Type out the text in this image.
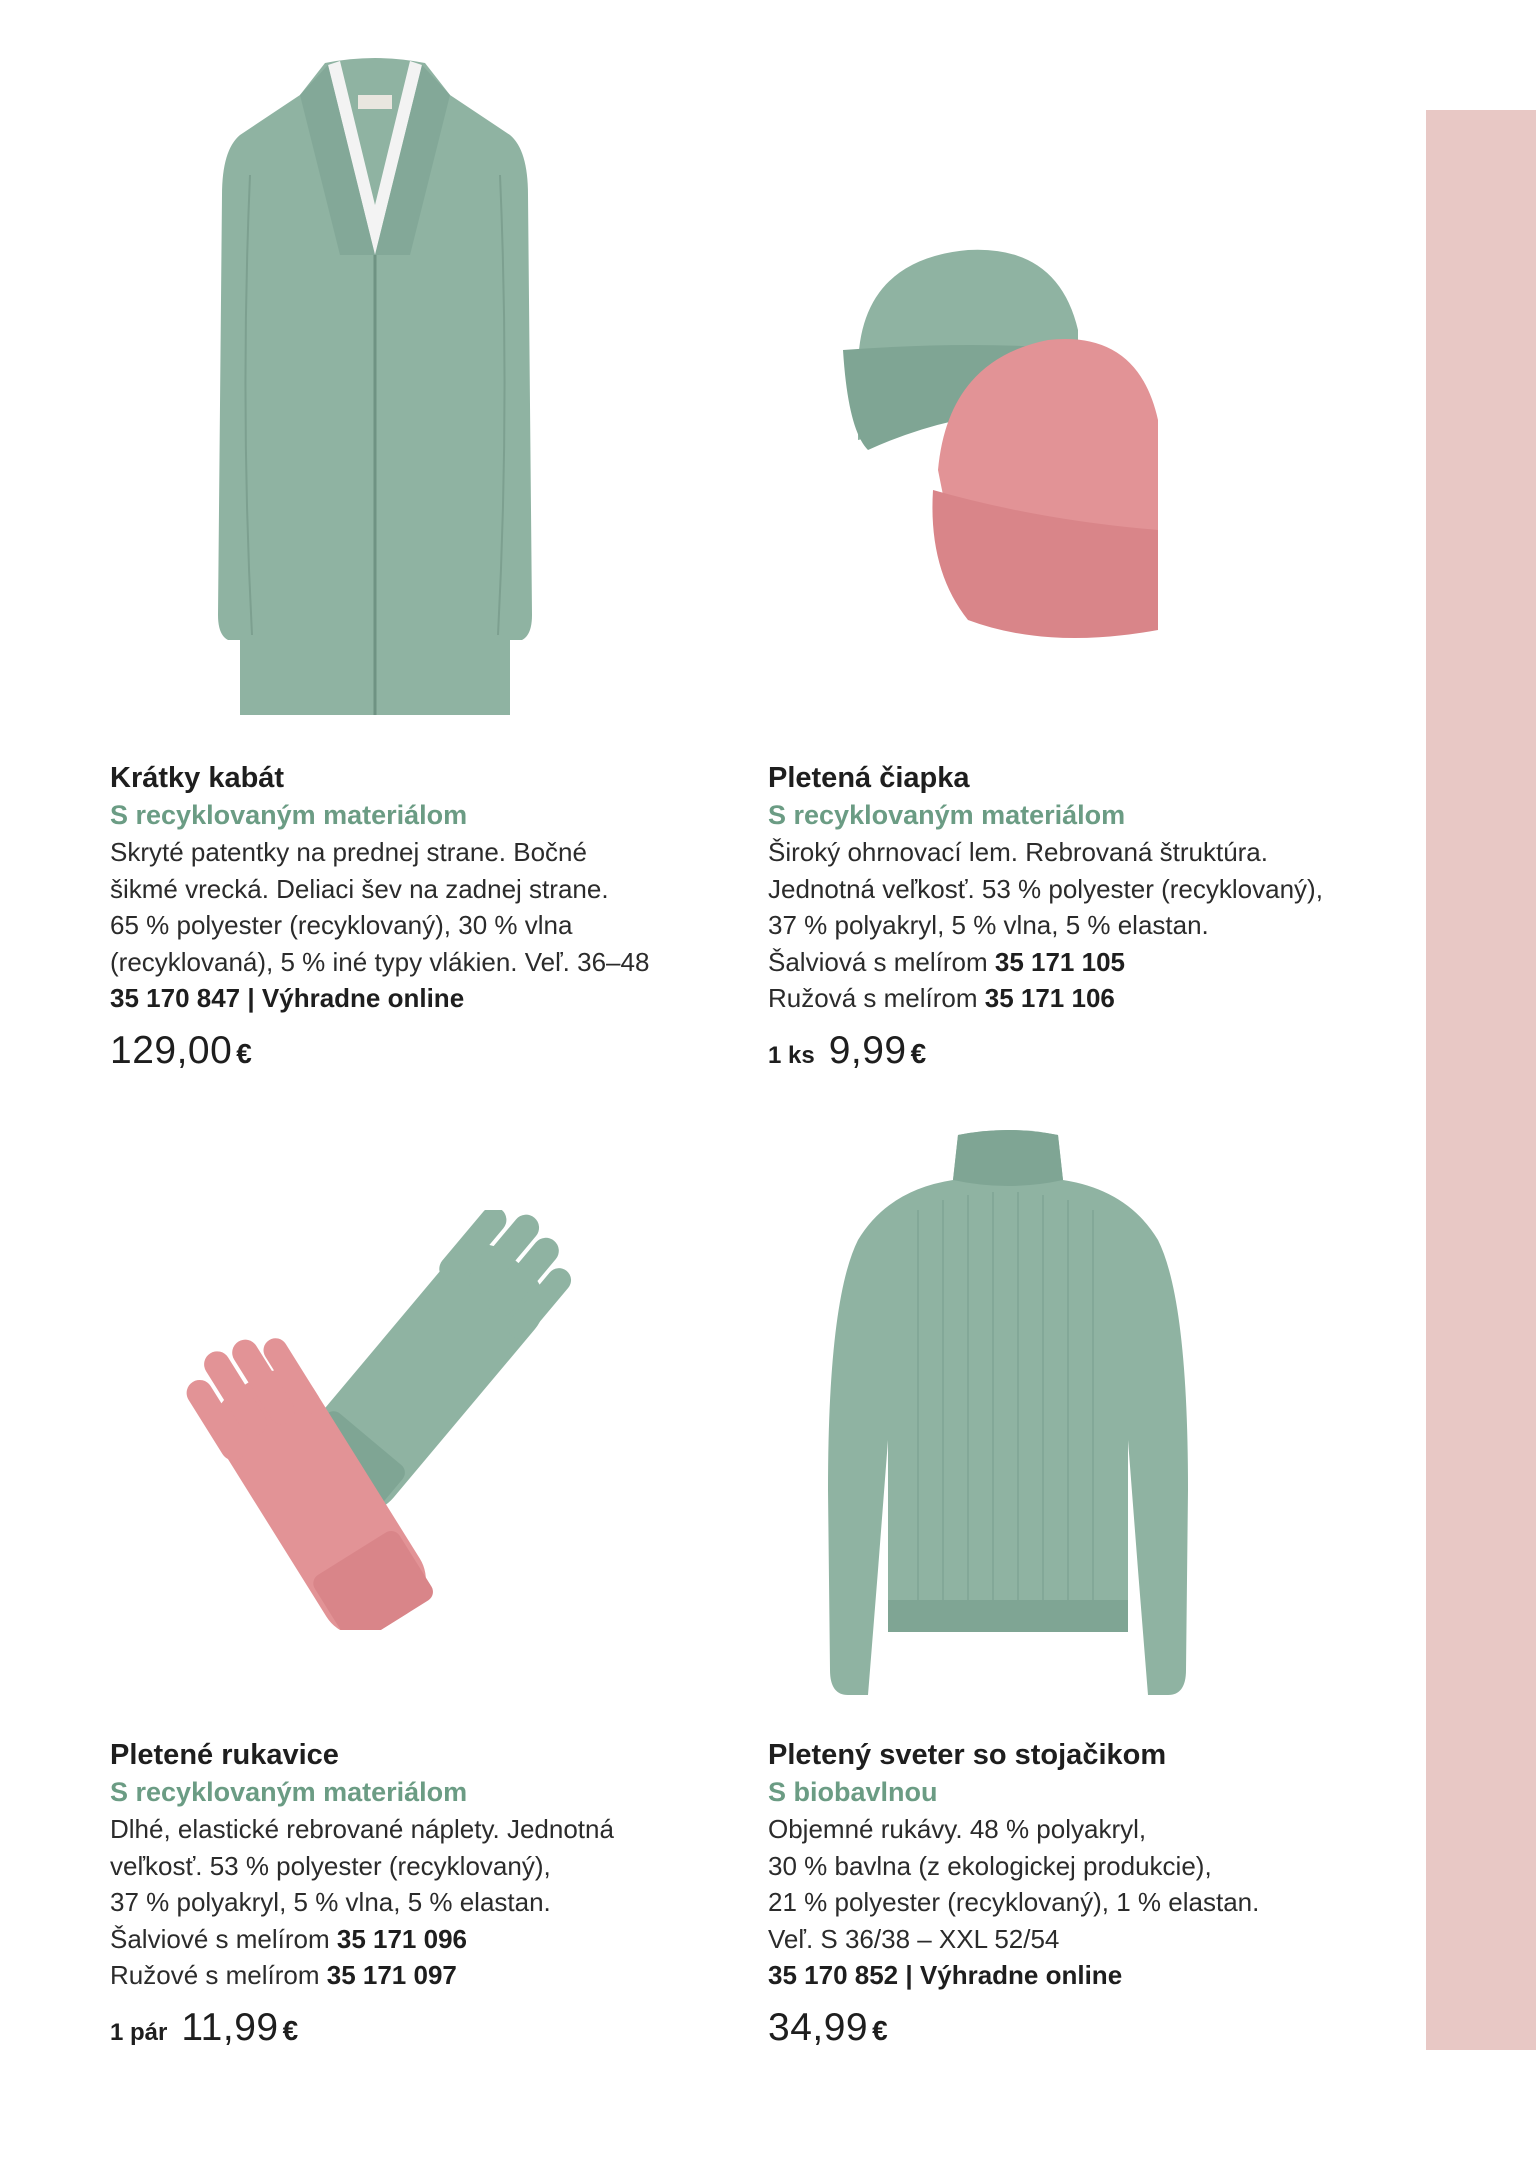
Krátky kabát
S recyklovaným materiálom
Skryté patentky na prednej strane. Bočné
šikmé vrecká. Deliaci šev na zadnej strane.
65 % polyester (recyklovaný), 30 % vlna
(recyklovaná), 5 % iné typy vlákien. Veľ. 36–48
35 170 847 | Výhradne online
129,00 €
Pletená čiapka
S recyklovaným materiálom
Široký ohrnovací lem. Rebrovaná štruktúra.
Jednotná veľkosť. 53 % polyester (recyklovaný),
37 % polyakryl, 5 % vlna, 5 % elastan.
Šalviová s melírom 35 171 105
Ružová s melírom 35 171 106
1 ks 9,99 €
Pletené rukavice
S recyklovaným materiálom
Dlhé, elastické rebrované náplety. Jednotná
veľkosť. 53 % polyester (recyklovaný),
37 % polyakryl, 5 % vlna, 5 % elastan.
Šalviové s melírom 35 171 096
Ružové s melírom 35 171 097
1 pár 11,99 €
Pletený sveter so stojačikom
S biobavlnou
Objemné rukávy. 48 % polyakryl,
30 % bavlna (z ekologickej produkcie),
21 % polyester (recyklovaný), 1 % elastan.
Veľ. S 36/38 – XXL 52/54
35 170 852 | Výhradne online
34,99 €
